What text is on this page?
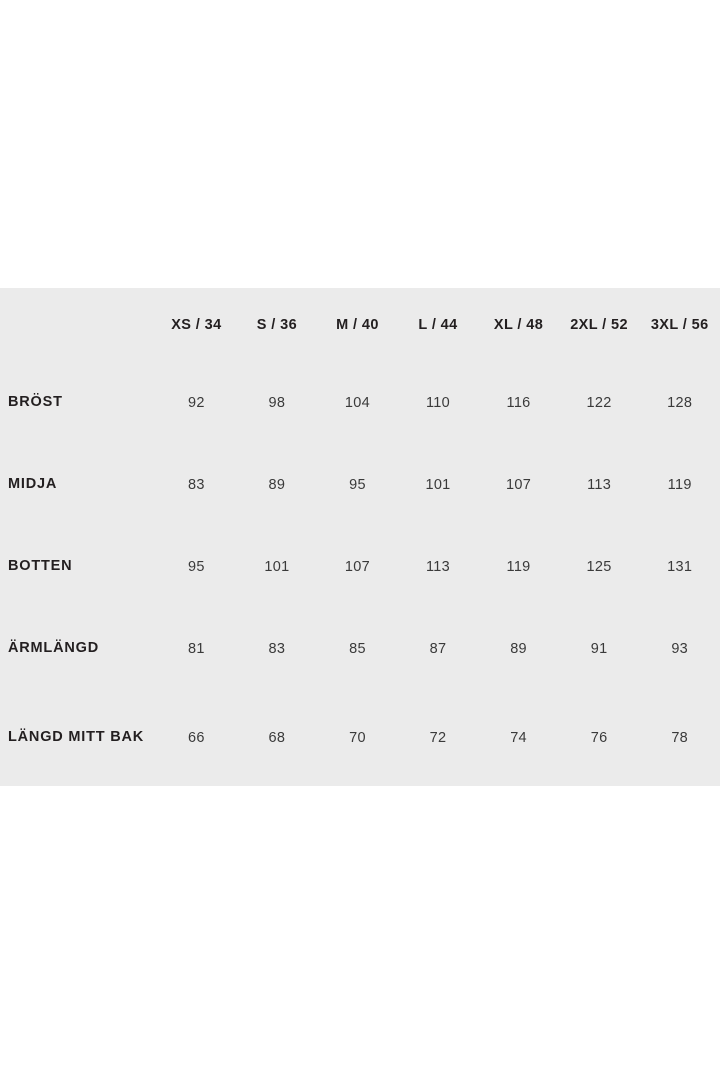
	XS / 34	S / 36	M / 40	L / 44	XL / 48	2XL / 52	3XL / 56
BRÖST	92	98	104	110	116	122	128
MIDJA	83	89	95	101	107	113	119
BOTTEN	95	101	107	113	119	125	131
ÄRMLÄNGD	81	83	85	87	89	91	93
LÄNGD MITT BAK	66	68	70	72	74	76	78
